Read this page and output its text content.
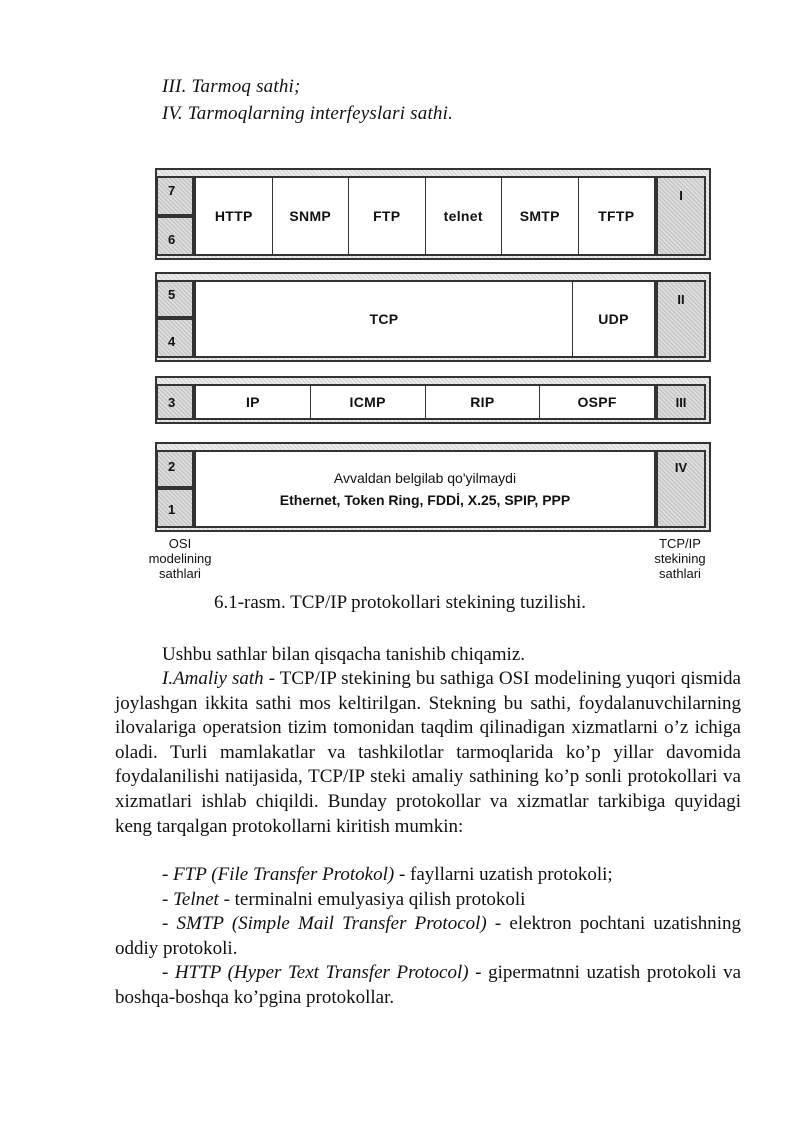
III. Tarmoq sathi;
IV. Tarmoqlarning interfeyslari sathi.
7
6
HTTP	SNMP	FTP	telnet	SMTP	TFTP
I
5
4
TCP	UDP
II
3	IP	ICMP	RIP	OSPF	III
2
1
Avvaldan belgilab qo'yilmaydi
Ethernet, Token Ring, FDDİ, X.25, SPIP, PPP
IV
OSI
modelining
sathlari
TCP/IP
stekining
sathlari
6.1-rasm. TCP/IP protokollari stekining tuzilishi.

Ushbu sathlar bilan qisqacha tanishib chiqamiz.

I.Amaliy sath - TCP/IP stekining bu sathiga OSI modelining yuqori qismida joylashgan ikkita sathi mos keltirilgan. Stekning bu sathi, foydalanuvchilarning ilovalariga operatsion tizim tomonidan taqdim qilinadigan xizmatlarni o’z ichiga oladi. Turli mamlakatlar va tashkilotlar tarmoqlarida ko’p yillar davomida foydalanilishi natijasida, TCP/IP steki amaliy sathining ko’p sonli protokollari va xizmatlari ishlab chiqildi. Bunday protokollar va xizmatlar tarkibiga quyidagi keng tarqalgan protokollarni kiritish mumkin:

- FTP (File Transfer Protokol) - fayllarni uzatish protokoli;
- Telnet - terminalni emulyasiya qilish protokoli
- SMTP (Simple Mail Transfer Protocol) - elektron pochtani uzatishning oddiy protokoli.
- HTTP (Hyper Text Transfer Protocol) - gipermatnni uzatish protokoli va boshqa-boshqa ko’pgina protokollar.
